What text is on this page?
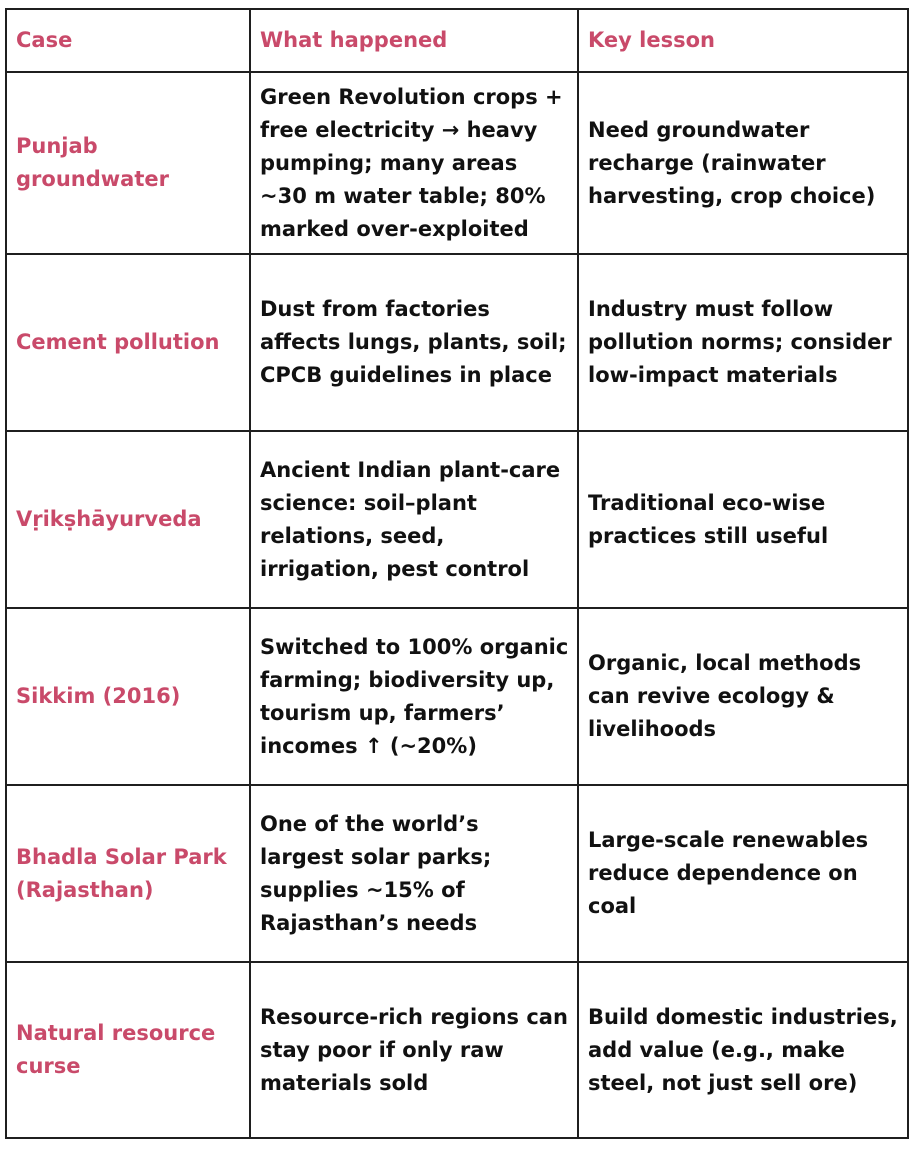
Case	What happened	Key lesson
Punjab groundwater	Green Revolution crops + free electricity → heavy pumping; many areas ~30 m water table; 80% marked over-exploited	Need groundwater recharge (rainwater harvesting, crop choice)
Cement pollution	Dust from factories affects lungs, plants, soil; CPCB guidelines in place	Industry must follow pollution norms; consider low-impact materials
Vṛikṣhāyurveda	Ancient Indian plant-care science: soil–plant relations, seed, irrigation, pest control	Traditional eco-wise practices still useful
Sikkim (2016)	Switched to 100% organic farming; biodiversity up, tourism up, farmers’ incomes ↑ (~20%)	Organic, local methods can revive ecology & livelihoods
Bhadla Solar Park (Rajasthan)	One of the world’s largest solar parks; supplies ~15% of Rajasthan’s needs	Large-scale renewables reduce dependence on coal
Natural resource curse	Resource-rich regions can stay poor if only raw materials sold	Build domestic industries, add value (e.g., make steel, not just sell ore)
